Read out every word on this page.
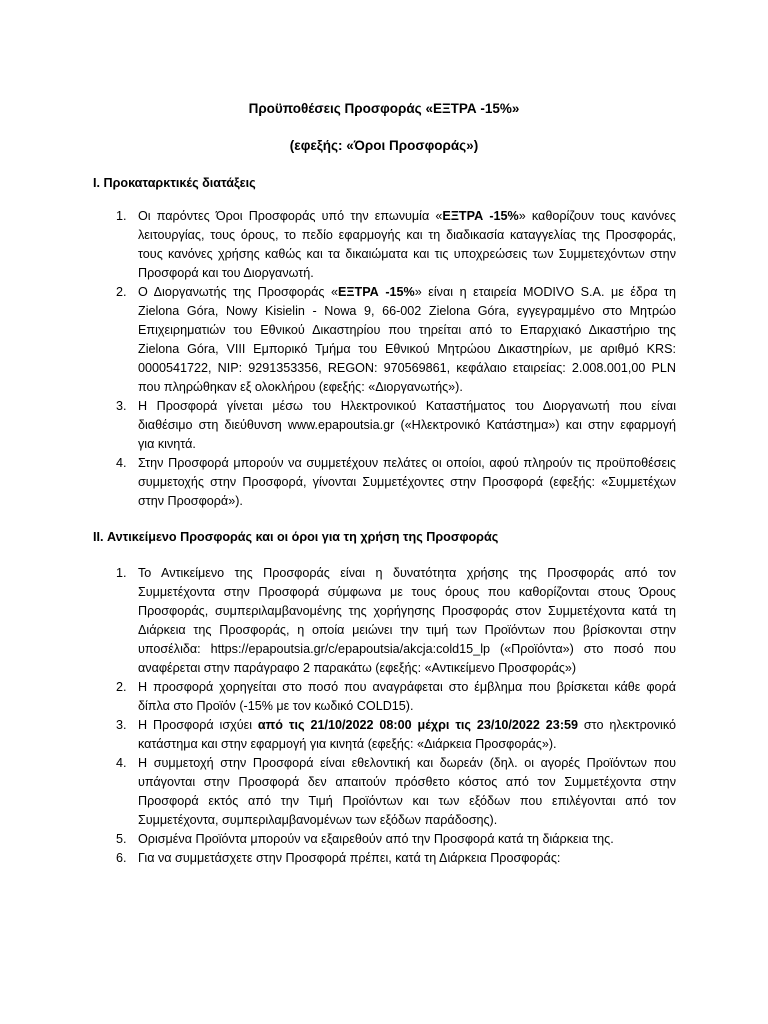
Προϋποθέσεις Προσφοράς «ΕΞΤΡΑ -15%»
(εφεξής: «Όροι Προσφοράς»)
I. Προκαταρκτικές διατάξεις
1. Οι παρόντες Όροι Προσφοράς υπό την επωνυμία «ΕΞΤΡΑ -15%» καθορίζουν τους κανόνες
λειτουργίας, τους όρους, το πεδίο εφαρμογής και τη διαδικασία καταγγελίας της Προσφοράς,
τους κανόνες χρήσης καθώς και τα δικαιώματα και τις υποχρεώσεις των Συμμετεχόντων στην
Προσφορά και του Διοργανωτή.
2. Ο Διοργανωτής της Προσφοράς «ΕΞΤΡΑ -15%» είναι η εταιρεία MODIVO S.A. με έδρα τη
Zielona Góra, Nowy Kisielin - Nowa 9, 66-002 Zielona Góra, εγγεγραμμένο στο Μητρώο
Επιχειρηματιών του Εθνικού Δικαστηρίου που τηρείται από το Επαρχιακό Δικαστήριο της
Zielona Góra, VIII Εμπορικό Τμήμα του Εθνικού Μητρώου Δικαστηρίων, με αριθμό KRS:
0000541722, NIP: 9291353356, REGON: 970569861, κεφάλαιο εταιρείας: 2.008.001,00 PLN
που πληρώθηκαν εξ ολοκλήρου (εφεξής: «Διοργανωτής»).
3. Η Προσφορά γίνεται μέσω του Ηλεκτρονικού Καταστήματος του Διοργανωτή που είναι
διαθέσιμο στη διεύθυνση www.epapoutsia.gr («Ηλεκτρονικό Κατάστημα») και στην εφαρμογή
για κινητά.
4. Στην Προσφορά μπορούν να συμμετέχουν πελάτες οι οποίοι, αφού πληρούν τις προϋποθέσεις
συμμετοχής στην Προσφορά, γίνονται Συμμετέχοντες στην Προσφορά (εφεξής: «Συμμετέχων
στην Προσφορά»).
II. Αντικείμενο Προσφοράς και οι όροι για τη χρήση της Προσφοράς
1. Το Αντικείμενο της Προσφοράς είναι η δυνατότητα χρήσης της Προσφοράς από τον
Συμμετέχοντα στην Προσφορά σύμφωνα με τους όρους που καθορίζονται στους Όρους
Προσφοράς, συμπεριλαμβανομένης της χορήγησης Προσφοράς στον Συμμετέχοντα κατά τη
Διάρκεια της Προσφοράς, η οποία μειώνει την τιμή των Προϊόντων που βρίσκονται στην
υποσέλιδα: https://epapoutsia.gr/c/epapoutsia/akcja:cold15_lp («Προϊόντα») στο ποσό που
αναφέρεται στην παράγραφο 2 παρακάτω (εφεξής: «Αντικείμενο Προσφοράς»)
2. Η προσφορά χορηγείται στο ποσό που αναγράφεται στο έμβλημα που βρίσκεται κάθε φορά
δίπλα στο Προϊόν (-15% με τον κωδικό COLD15).
3. Η Προσφορά ισχύει από τις 21/10/2022 08:00 μέχρι τις 23/10/2022 23:59 στο ηλεκτρονικό
κατάστημα και στην εφαρμογή για κινητά (εφεξής: «Διάρκεια Προσφοράς»).
4. Η συμμετοχή στην Προσφορά είναι εθελοντική και δωρεάν (δηλ. οι αγορές Προϊόντων που
υπάγονται στην Προσφορά δεν απαιτούν πρόσθετο κόστος από τον Συμμετέχοντα στην
Προσφορά εκτός από την Τιμή Προϊόντων και των εξόδων που επιλέγονται από τον
Συμμετέχοντα, συμπεριλαμβανομένων των εξόδων παράδοσης).
5. Ορισμένα Προϊόντα μπορούν να εξαιρεθούν από την Προσφορά κατά τη διάρκεια της.
6. Για να συμμετάσχετε στην Προσφορά πρέπει, κατά τη Διάρκεια Προσφοράς:
